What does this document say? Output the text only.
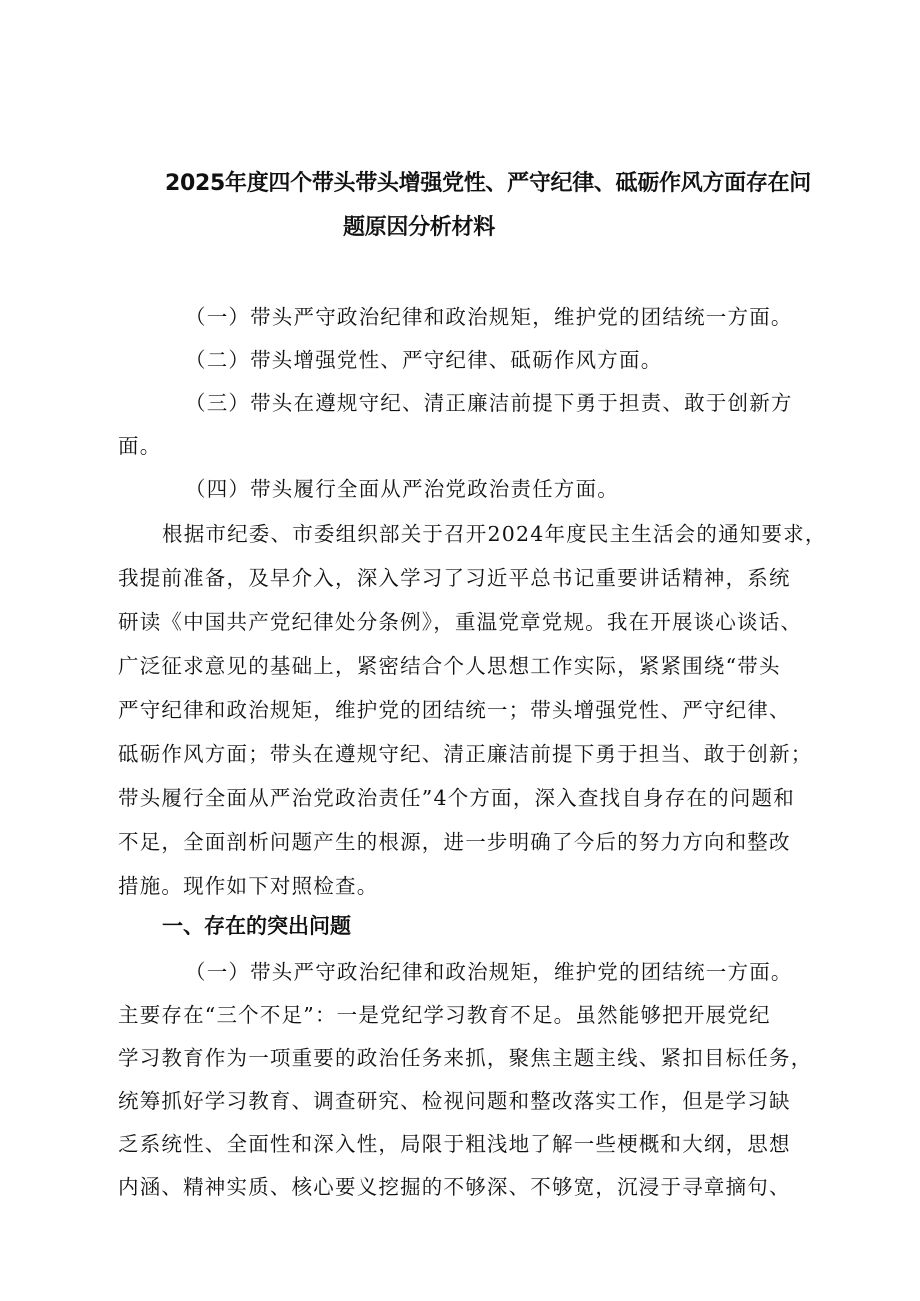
2025年度四个带头带头增强党性、严守纪律、砥砺作风方面存在问
题原因分析材料
（一）带头严守政治纪律和政治规矩，维护党的团结统一方面。
（二）带头增强党性、严守纪律、砥砺作风方面。
（三）带头在遵规守纪、清正廉洁前提下勇于担责、敢于创新方
面。
（四）带头履行全面从严治党政治责任方面。
根据市纪委、市委组织部关于召开2024年度民主生活会的通知要求，
我提前准备，及早介入，深入学习了习近平总书记重要讲话精神，系统
研读《中国共产党纪律处分条例》，重温党章党规。我在开展谈心谈话、
广泛征求意见的基础上，紧密结合个人思想工作实际，紧紧围绕“带头
严守纪律和政治规矩，维护党的团结统一；带头增强党性、严守纪律、
砥砺作风方面；带头在遵规守纪、清正廉洁前提下勇于担当、敢于创新；
带头履行全面从严治党政治责任”4个方面，深入查找自身存在的问题和
不足，全面剖析问题产生的根源，进一步明确了今后的努力方向和整改
措施。现作如下对照检查。
一、存在的突出问题
（一）带头严守政治纪律和政治规矩，维护党的团结统一方面。
主要存在“三个不足”：一是党纪学习教育不足。虽然能够把开展党纪
学习教育作为一项重要的政治任务来抓，聚焦主题主线、紧扣目标任务，
统筹抓好学习教育、调查研究、检视问题和整改落实工作，但是学习缺
乏系统性、全面性和深入性，局限于粗浅地了解一些梗概和大纲，思想
内涵、精神实质、核心要义挖掘的不够深、不够宽，沉浸于寻章摘句、
